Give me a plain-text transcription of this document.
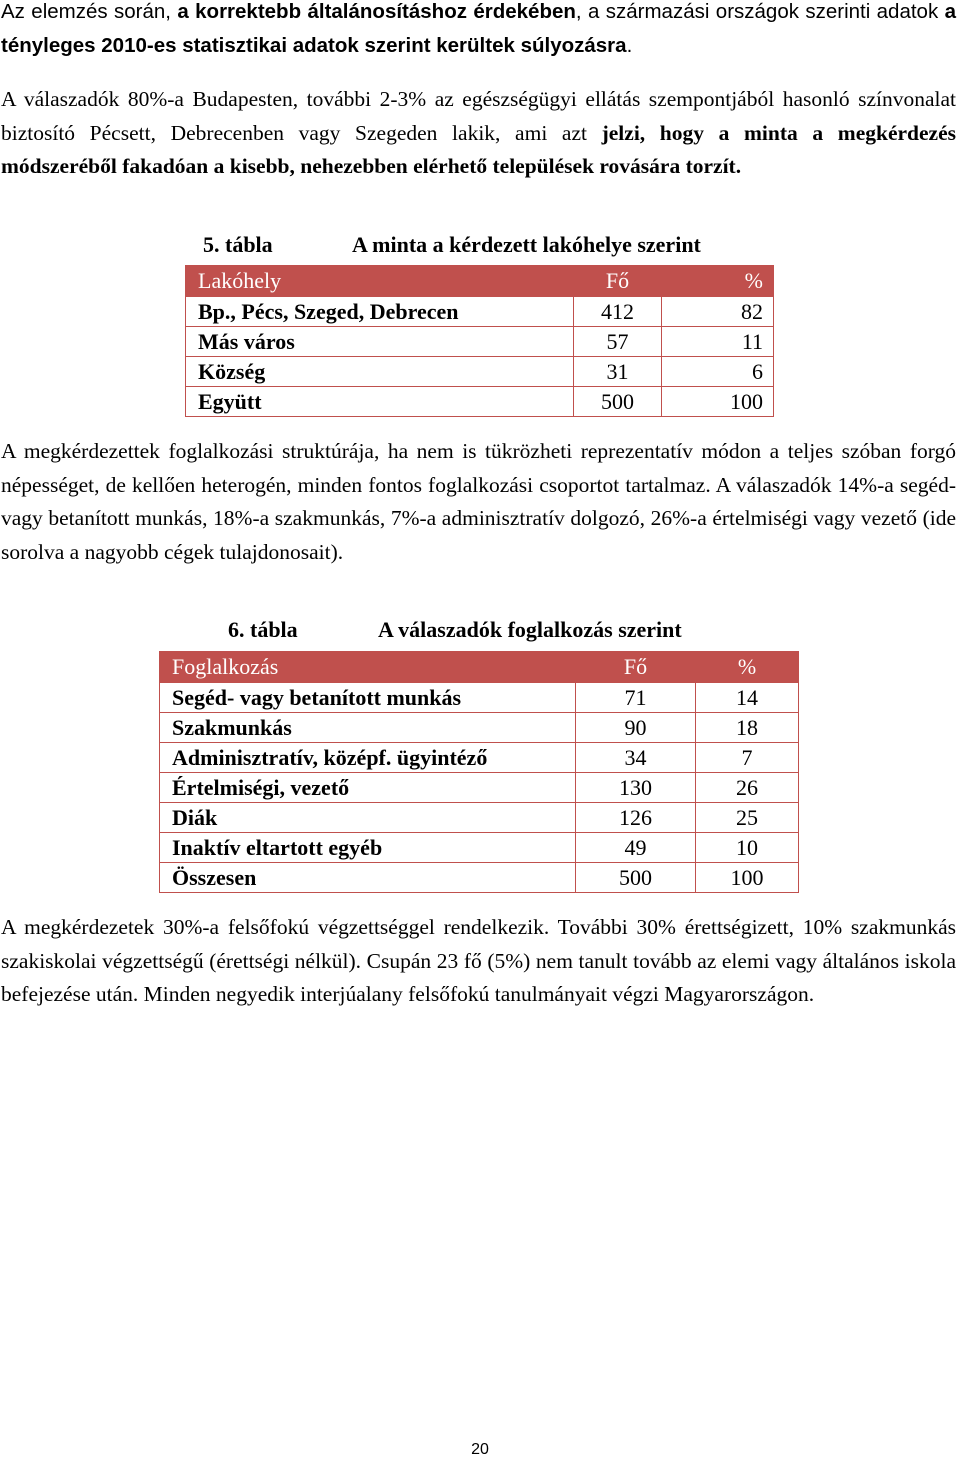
Az elemzés során, a korrektebb általánosításhoz érdekében, a származási országok szerinti adatok a tényleges 2010-es statisztikai adatok szerint kerültek súlyozásra.
A válaszadók 80%-a Budapesten, további 2-3% az egészségügyi ellátás szempontjából hasonló színvonalat biztosító Pécsett, Debrecenben vagy Szegeden lakik, ami azt jelzi, hogy a minta a megkérdezés módszeréből fakadóan a kisebb, nehezebben elérhető települések rovására torzít.
5. tábla	A minta a kérdezett lakóhelye szerint
Lakóhely	Fő	%
Bp., Pécs, Szeged, Debrecen	412	82
Más város	57	11
Község	31	6
Együtt	500	100
A megkérdezettek foglalkozási struktúrája, ha nem is tükrözheti reprezentatív módon a teljes szóban forgó népességet, de kellően heterogén, minden fontos foglalkozási csoportot tartalmaz. A válaszadók 14%-a segéd- vagy betanított munkás, 18%-a szakmunkás, 7%-a adminisztratív dolgozó, 26%-a értelmiségi vagy vezető (ide sorolva a nagyobb cégek tulajdonosait).
6. tábla	A válaszadók foglalkozás szerint
Foglalkozás	Fő	%
Segéd- vagy betanított munkás	71	14
Szakmunkás	90	18
Adminisztratív, középf. ügyintéző	34	7
Értelmiségi, vezető	130	26
Diák	126	25
Inaktív eltartott egyéb	49	10
Összesen	500	100
A megkérdezetek 30%-a felsőfokú végzettséggel rendelkezik. További 30% érettségizett, 10% szakmunkás szakiskolai végzettségű (érettségi nélkül). Csupán 23 fő (5%) nem tanult tovább az elemi vagy általános iskola befejezése után. Minden negyedik interjúalany felsőfokú tanulmányait végzi Magyarországon.
20
